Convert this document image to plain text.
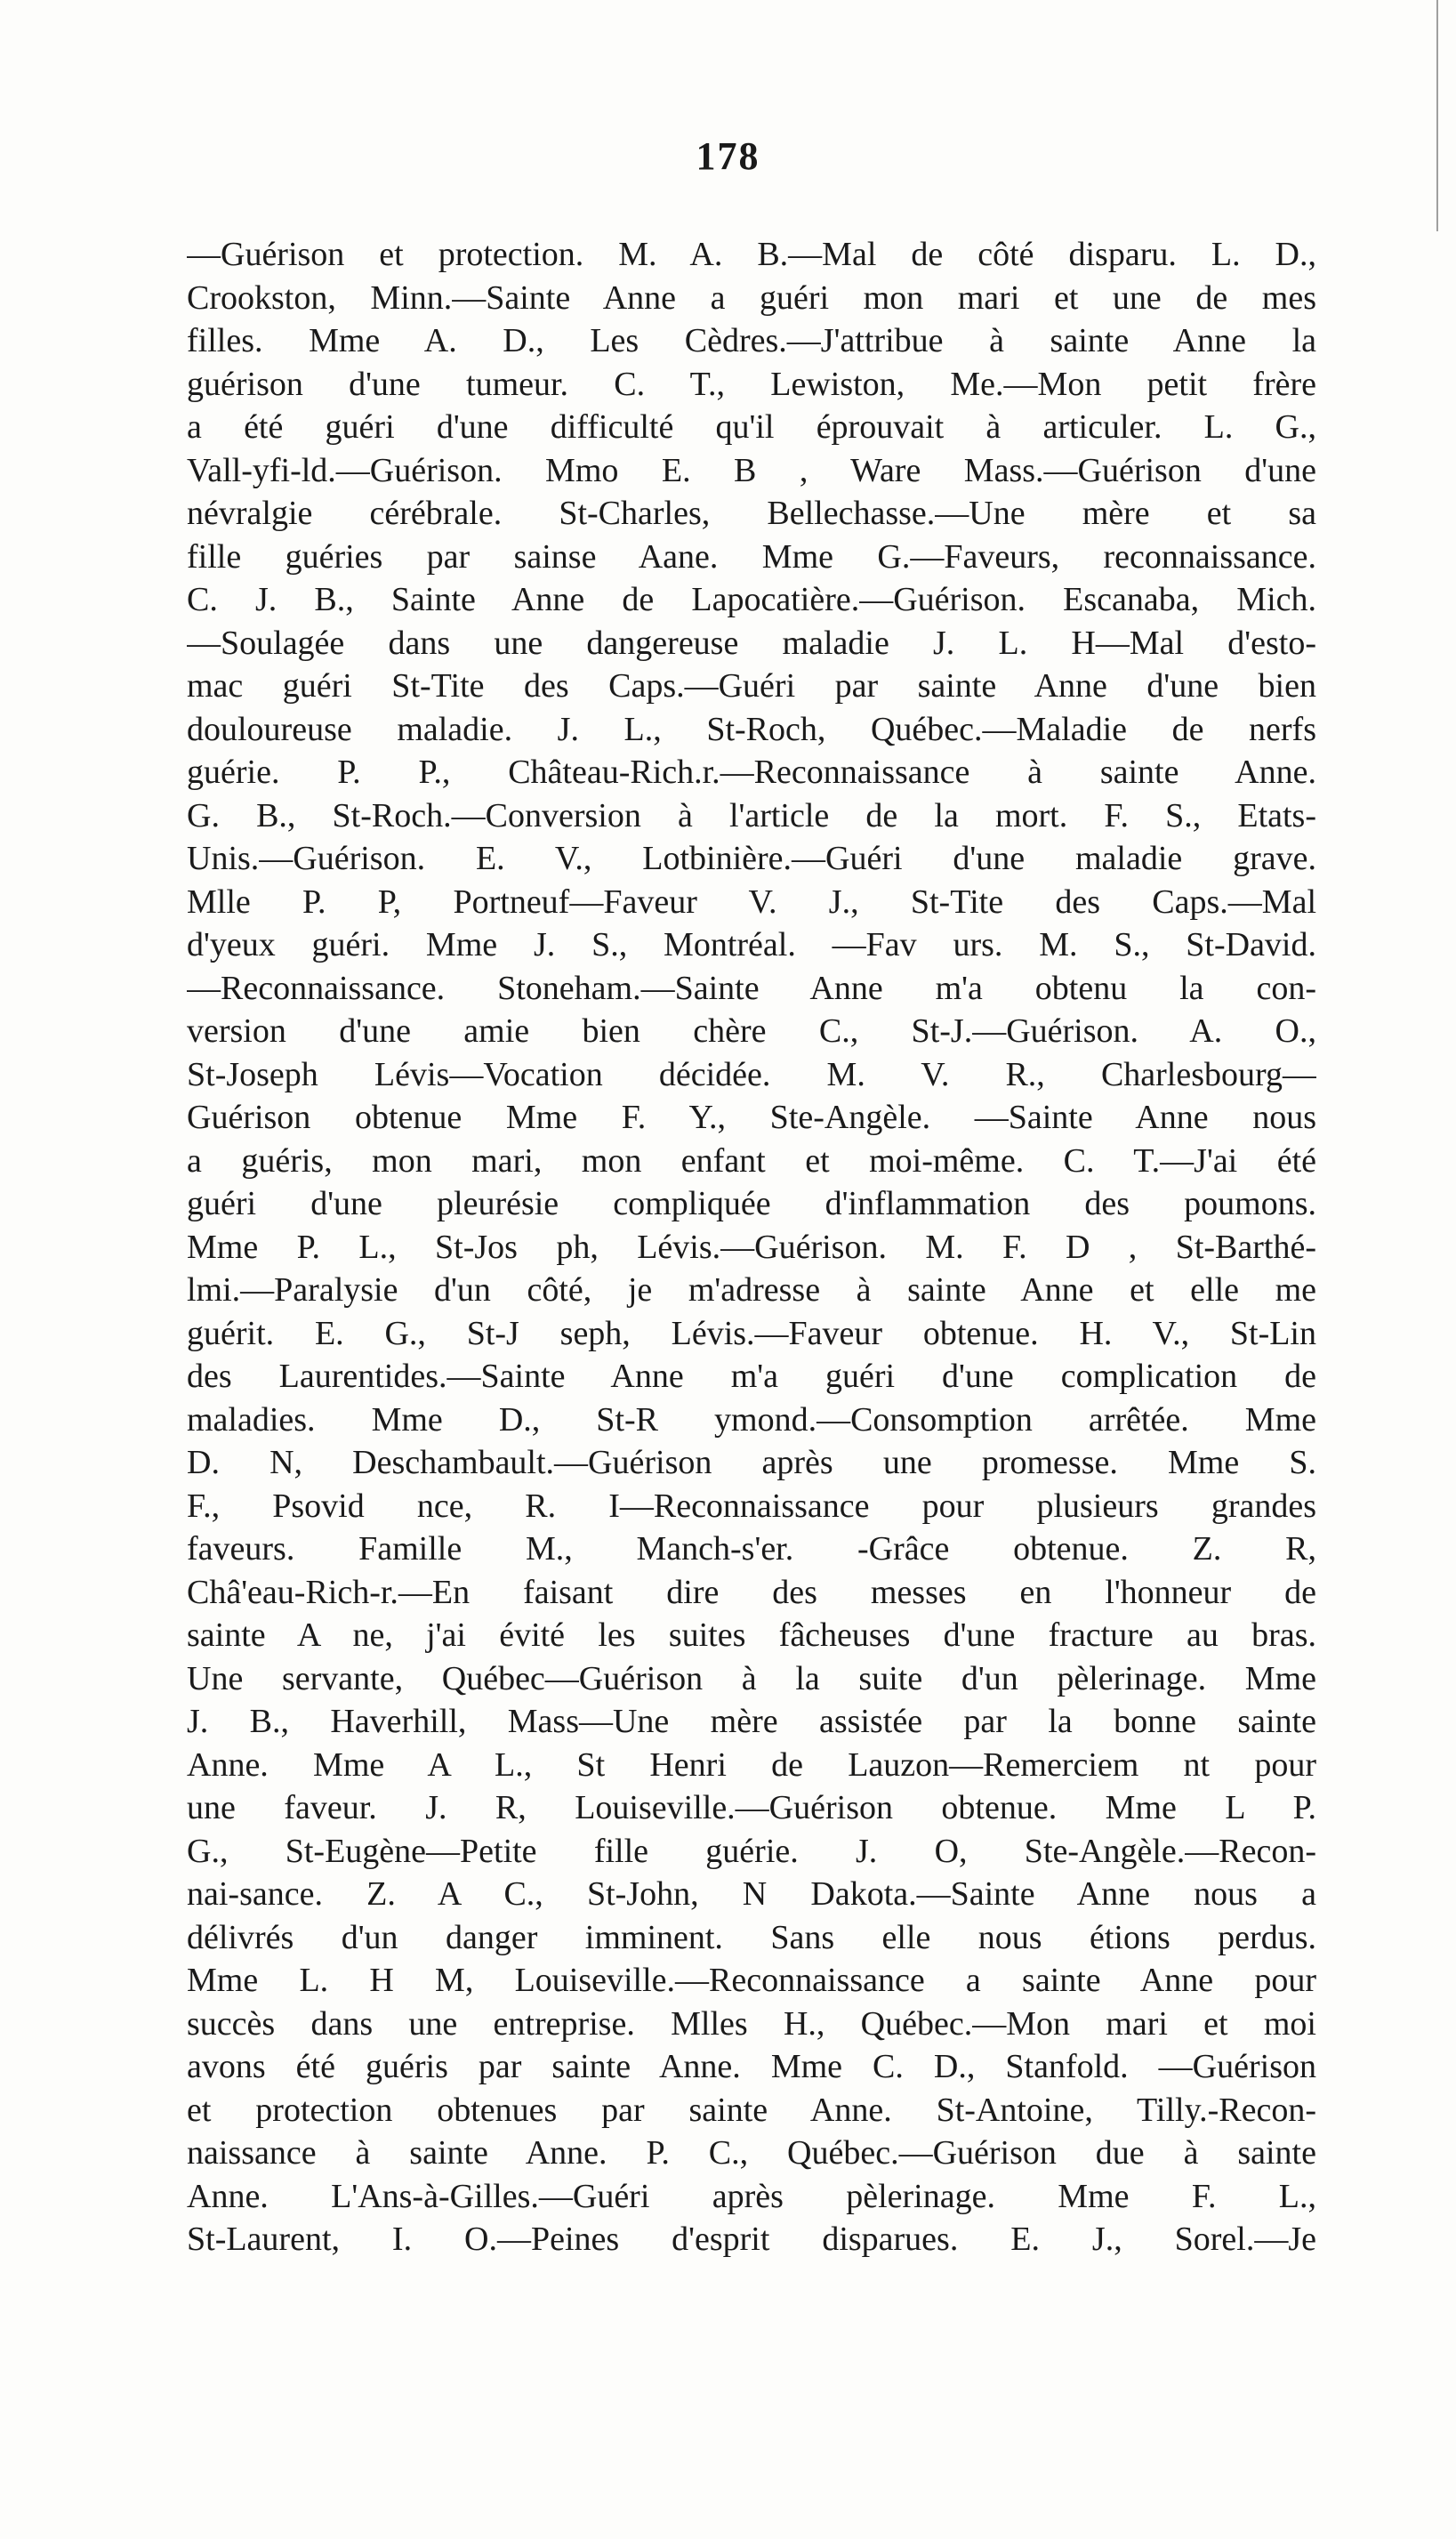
178
—Guérison et protection. M. A. B.—Mal de côté disparu. L. D.,
Crookston, Minn.—Sainte Anne a guéri mon mari et une de mes
filles. Mme A. D., Les Cèdres.—J'attribue à sainte Anne la
guérison d'une tumeur. C. T., Lewiston, Me.—Mon petit frère
a été guéri d'une difficulté qu'il éprouvait à articuler. L. G.,
Vall-yfi-ld.—Guérison. Mmo E. B , Ware Mass.—Guérison d'une
névralgie cérébrale. St-Charles, Bellechasse.—Une mère et sa
fille guéries par sainse Aane. Mme G.—Faveurs, reconnaissance.
C. J. B., Sainte Anne de Lapocatière.—Guérison. Escanaba, Mich.
—Soulagée dans une dangereuse maladie J. L. H—Mal d'esto-
mac guéri St-Tite des Caps.—Guéri par sainte Anne d'une bien
douloureuse maladie. J. L., St-Roch, Québec.—Maladie de nerfs
guérie. P. P., Château-Rich.r.—Reconnaissance à sainte Anne.
G. B., St-Roch.—Conversion à l'article de la mort. F. S., Etats-
Unis.—Guérison. E. V., Lotbinière.—Guéri d'une maladie grave.
Mlle P. P, Portneuf—Faveur V. J., St-Tite des Caps.—Mal
d'yeux guéri. Mme J. S., Montréal. —Fav urs. M. S., St-David.
—Reconnaissance. Stoneham.—Sainte Anne m'a obtenu la con-
version d'une amie bien chère C., St-J.—Guérison. A. O.,
St-Joseph Lévis—Vocation décidée. M. V. R., Charlesbourg—
Guérison obtenue Mme F. Y., Ste-Angèle. —Sainte Anne nous
a guéris, mon mari, mon enfant et moi-même. C. T.—J'ai été
guéri d'une pleurésie compliquée d'inflammation des poumons.
Mme P. L., St-Jos ph, Lévis.—Guérison. M. F. D , St-Barthé-
lmi.—Paralysie d'un côté, je m'adresse à sainte Anne et elle me
guérit. E. G., St-J seph, Lévis.—Faveur obtenue. H. V., St-Lin
des Laurentides.—Sainte Anne m'a guéri d'une complication de
maladies. Mme D., St-R ymond.—Consomption arrêtée. Mme
D. N, Deschambault.—Guérison après une promesse. Mme S.
F., Psovid nce, R. I—Reconnaissance pour plusieurs grandes
faveurs. Famille M., Manch-s'er. -Grâce obtenue. Z. R,
Châ'eau-Rich-r.—En faisant dire des messes en l'honneur de
sainte A ne, j'ai évité les suites fâcheuses d'une fracture au bras.
Une servante, Québec—Guérison à la suite d'un pèlerinage. Mme
J. B., Haverhill, Mass—Une mère assistée par la bonne sainte
Anne. Mme A L., St Henri de Lauzon—Remerciem nt pour
une faveur. J. R, Louiseville.—Guérison obtenue. Mme L P.
G., St-Eugène—Petite fille guérie. J. O, Ste-Angèle.—Recon-
nai-sance. Z. A C., St-John, N Dakota.—Sainte Anne nous a
délivrés d'un danger imminent. Sans elle nous étions perdus.
Mme L. H M, Louiseville.—Reconnaissance a sainte Anne pour
succès dans une entreprise. Mlles H., Québec.—Mon mari et moi
avons été guéris par sainte Anne. Mme C. D., Stanfold. —Guérison
et protection obtenues par sainte Anne. St-Antoine, Tilly.-Recon-
naissance à sainte Anne. P. C., Québec.—Guérison due à sainte
Anne. L'Ans-à-Gilles.—Guéri après pèlerinage. Mme F. L.,
St-Laurent, I. O.—Peines d'esprit disparues. E. J., Sorel.—Je
